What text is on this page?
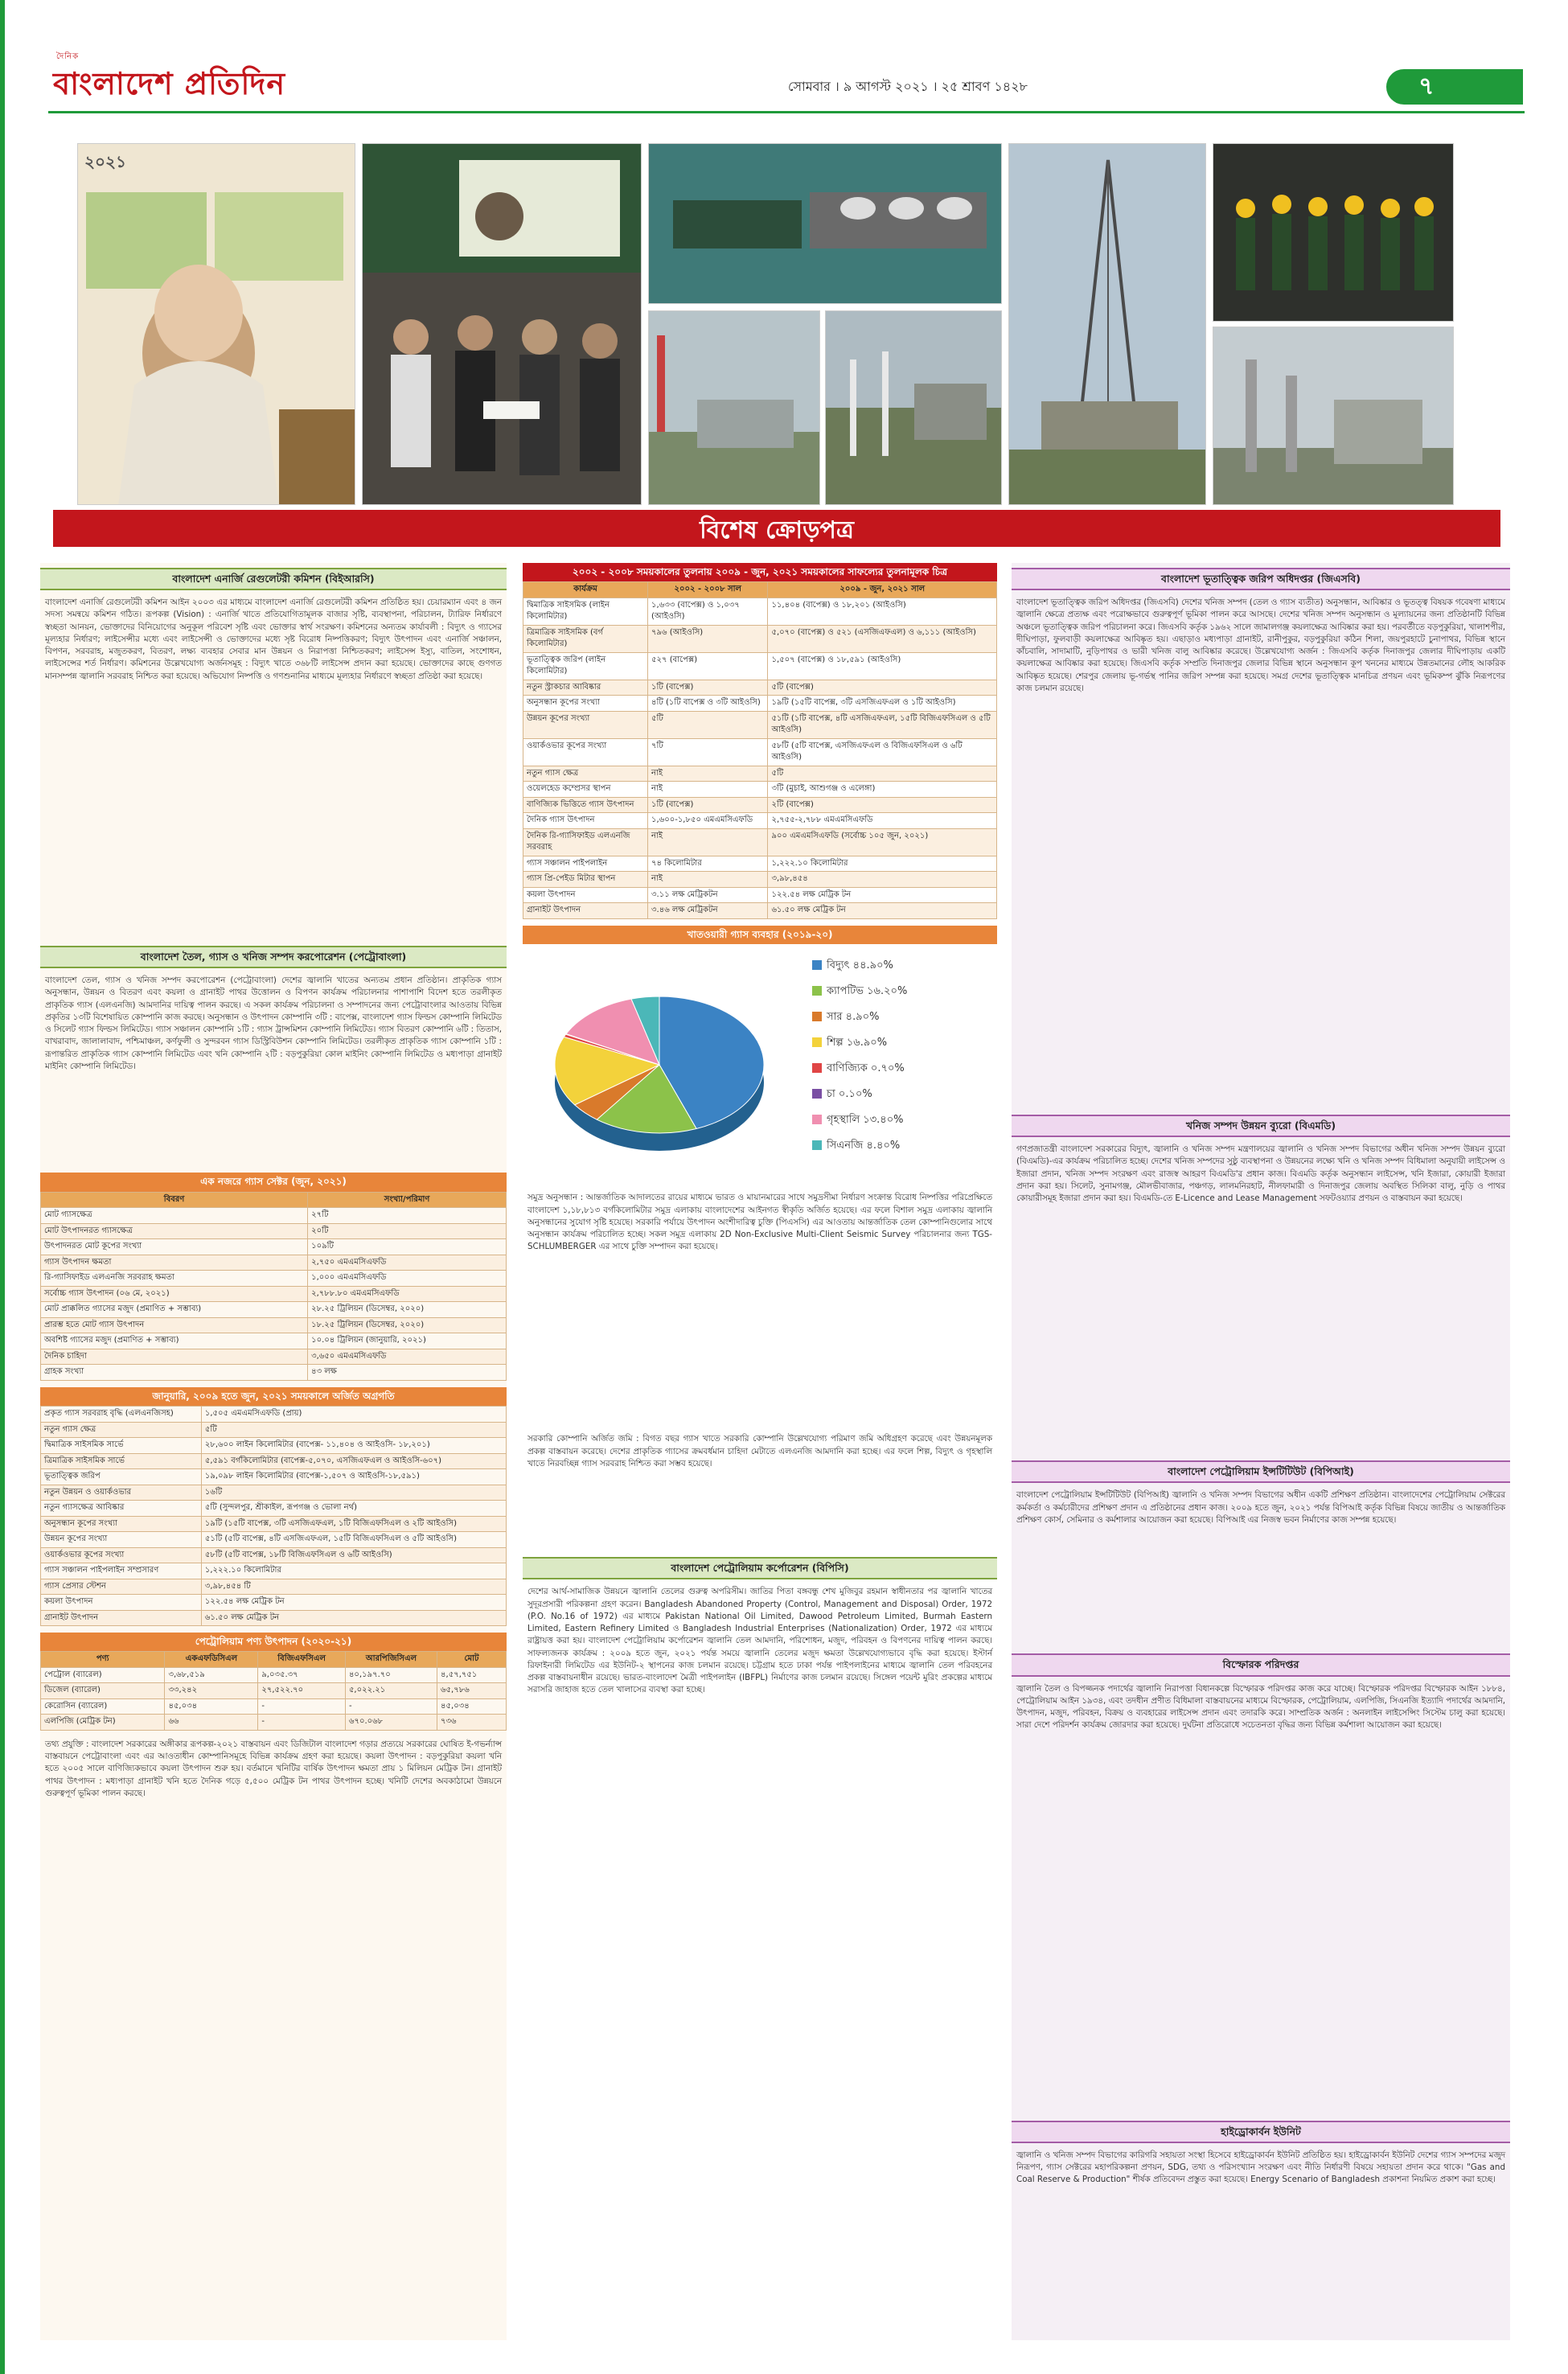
দৈনিক
বাংলাদেশ প্রতিদিন	সোমবার । ৯ আগস্ট ২০২১ । ২৫ শ্রাবণ ১৪২৮	৭
২০২১
বিশেষ ক্রোড়পত্র
বাংলাদেশ এনার্জি রেগুলেটরী কমিশন (বিইআরসি)
বাংলাদেশ এনার্জি রেগুলেটরী কমিশন আইন ২০০৩ এর মাধ্যমে বাংলাদেশ এনার্জি রেগুলেটরী কমিশন প্রতিষ্ঠিত হয়। চেয়ারম্যান এবং ৪ জন সদস্য সমন্বয়ে কমিশন গঠিত। রূপকল্প (Vision) : এনার্জি খাতে প্রতিযোগিতামূলক বাজার সৃষ্টি, ব্যবস্থাপনা, পরিচালন, ট্যারিফ নির্ধারণে স্বচ্ছতা আনয়ন, ভোক্তাদের বিনিয়োগের অনুকূল পরিবেশ সৃষ্টি এবং ভোক্তার স্বার্থ সংরক্ষণ। কমিশনের অন্যতম কার্যাবলী : বিদ্যুৎ ও গ্যাসের মূল্যহার নির্ধারণ; লাইসেন্সীর মধ্যে এবং লাইসেন্সী ও ভোক্তাদের মধ্যে সৃষ্ট বিরোধ নিষ্পত্তিকরণ; বিদ্যুৎ উৎপাদন এবং এনার্জি সঞ্চালন, বিপণন, সরবরাহ, মজুতকরণ, বিতরণ, লক্ষ্য ব্যবহার সেবার মান উন্নয়ন ও নিরাপত্তা নিশ্চিতকরণ; লাইসেন্স ইস্যু, বাতিল, সংশোধন, লাইসেন্সের শর্ত নির্ধারণ। কমিশনের উল্লেখযোগ্য অর্জনসমূহ : বিদ্যুৎ খাতে ৩৬৮টি লাইসেন্স প্রদান করা হয়েছে। ভোক্তাদের কাছে গুণগত মানসম্পন্ন জ্বালানি সরবরাহ নিশ্চিত করা হয়েছে। অভিযোগ নিষ্পত্তি ও গণশুনানির মাধ্যমে মূল্যহার নির্ধারণে স্বচ্ছতা প্রতিষ্ঠা করা হয়েছে।
বাংলাদেশ তৈল, গ্যাস ও খনিজ সম্পদ করপোরেশন (পেট্রোবাংলা)
বাংলাদেশ তেল, গ্যাস ও খনিজ সম্পদ করপোরেশন (পেট্রোবাংলা) দেশের জ্বালানি খাতের অন্যতম প্রধান প্রতিষ্ঠান। প্রাকৃতিক গ্যাস অনুসন্ধান, উন্নয়ন ও বিতরণ এবং কয়লা ও গ্রানাইট পাথর উত্তোলন ও বিপণন কার্যক্রম পরিচালনার পাশাপাশি বিদেশ হতে তরলীকৃত প্রাকৃতিক গ্যাস (এলএনজি) আমদানির দায়িত্ব পালন করছে। এ সকল কার্যক্রম পরিচালনা ও সম্পাদনের জন্য পেট্রোবাংলার আওতায় বিভিন্ন প্রকৃতির ১৩টি বিশেষায়িত কোম্পানি কাজ করছে। অনুসন্ধান ও উৎপাদন কোম্পানি ৩টি : বাপেক্স, বাংলাদেশ গ্যাস ফিল্ডস কোম্পানি লিমিটেড ও সিলেট গ্যাস ফিল্ডস লিমিটেড। গ্যাস সঞ্চালন কোম্পানি ১টি : গ্যাস ট্রান্সমিশন কোম্পানি লিমিটেড। গ্যাস বিতরণ কোম্পানি ৬টি : তিতাস, বাখরাবাদ, জালালাবাদ, পশ্চিমাঞ্চল, কর্ণফুলী ও সুন্দরবন গ্যাস ডিস্ট্রিবিউশন কোম্পানি লিমিটেড। তরলীকৃত প্রাকৃতিক গ্যাস কোম্পানি ১টি : রূপান্তরিত প্রাকৃতিক গ্যাস কোম্পানি লিমিটেড এবং খনি কোম্পানি ২টি : বড়পুকুরিয়া কোল মাইনিং কোম্পানি লিমিটেড ও মধ্যপাড়া গ্রানাইট মাইনিং কোম্পানি লিমিটেড।
এক নজরে গ্যাস সেক্টর (জুন, ২০২১)
বিবরণ	সংখ্যা/পরিমাণ
মোট গ্যাসক্ষেত্র	২৭টি
মোট উৎপাদনরত গ্যাসক্ষেত্র	২০টি
উৎপাদনরত মোট কূপের সংখ্যা	১০৯টি
গ্যাস উৎপাদন ক্ষমতা	২,৭৫০ এমএমসিএফডি
রি-গ্যাসিফাইড এলএনজি সরবরাহ ক্ষমতা	১,০০০ এমএমসিএফডি
সর্বোচ্চ গ্যাস উৎপাদন (০৬ মে, ২০২১)	২,৭৮৮.৮০ এমএমসিএফডি
মোট প্রাক্কলিত গ্যাসের মজুদ (প্রমাণিত + সম্ভাব্য)	২৮.২৫ ট্রিলিয়ন (ডিসেম্বর, ২০২০)
প্রারম্ভ হতে মোট গ্যাস উৎপাদন	১৮.২৫ ট্রিলিয়ন (ডিসেম্বর, ২০২০)
অবশিষ্ট গ্যাসের মজুদ (প্রমাণিত + সম্ভাব্য)	১০.০৪ ট্রিলিয়ন (জানুয়ারি, ২০২১)
দৈনিক চাহিদা	৩,৬৫০ এমএমসিএফডি
গ্রাহক সংখ্যা	৪৩ লক্ষ
জানুয়ারি, ২০০৯ হতে জুন, ২০২১ সময়কালে অর্জিত অগ্রগতি
প্রকৃত গ্যাস সরবরাহ বৃদ্ধি (এলএনজিসহ)	১,৫০৫ এমএমসিএফডি (প্রায়)
নতুন গ্যাস ক্ষেত্র	৫টি
দ্বিমাত্রিক সাইসমিক সার্ভে	২৮,৬০০ লাইন কিলোমিটার (বাপেক্স- ১১,৪০৪ ও আইওসি- ১৮,২০১)
ত্রিমাত্রিক সাইসমিক সার্ভে	৫,৫৯১ বর্গকিলোমিটার (বাপেক্স-৫,০৭০, এসজিএফএল ও আইওসি-৬০৭)
ভূতাত্ত্বিক জরিপ	১৯,০৯৮ লাইন কিলোমিটার (বাপেক্স-১,৫০৭ ও আইওসি-১৮,৫৯১)
নতুন উন্নয়ন ও ওয়ার্কওভার	১৬টি
নতুন গ্যাসক্ষেত্র আবিষ্কার	৫টি (সুন্দলপুর, শ্রীকাইল, রূপগঞ্জ ও ভোলা নর্থ)
অনুসন্ধান কূপের সংখ্যা	১৯টি (১৫টি বাপেক্স, ৩টি এসজিএফএল, ১টি বিজিএফসিএল ও ২টি আইওসি)
উন্নয়ন কূপের সংখ্যা	৫১টি (৫টি বাপেক্স, ৪টি এসজিএফএল, ১৫টি বিজিএফসিএল ও ৫টি আইওসি)
ওয়ার্কওভার কূপের সংখ্যা	৫৮টি (৫টি বাপেক্স, ১৮টি বিজিএফসিএল ও ৬টি আইওসি)
গ্যাস সঞ্চালন পাইপলাইন সম্প্রসারণ	১,২২২.১০ কিলোমিটার
গ্যাস প্রেসার স্টেশন	৩,৯৮,৪৫৪ টি
কয়লা উৎপাদন	১২২.৫৪ লক্ষ মেট্রিক টন
গ্রানাইট উৎপাদন	৬১.৫০ লক্ষ মেট্রিক টন
পেট্রোলিয়াম পণ্য উৎপাদন (২০২০-২১)
পণ্য	একএফডিসিএল	বিজিএফসিএল	আরপিজিসিএল	মোট
পেট্রোল (ব্যারেল)	৩,৬৮,৫১৯	৯,০৩৫.৩৭	৪০,১৯৭.৭০	৪,৫৭,৭৫১
ডিজেল (ব্যারেল)	৩৩,২৪২	২৭,৫২২.৭০	৫,০২২.২১	৬৫,৭৮৬
কেরোসিন (ব্যারেল)	৪৫,০৩৪	-	-	৪৫,০৩৪
এলপিজি (মেট্রিক টন)	৬৬	-	৬৭০.০৬৮	৭৩৬
তথ্য প্রযুক্তি : বাংলাদেশ সরকারের অঙ্গীকার রূপকল্প-২০২১ বাস্তবায়ন এবং ডিজিটাল বাংলাদেশ গড়ার প্রত্যয়ে সরকারের ঘোষিত ই-গভর্ন্যান্স বাস্তবায়নে পেট্রোবাংলা এবং এর আওতাধীন কোম্পানিসমূহে বিভিন্ন কার্যক্রম গ্রহণ করা হয়েছে। কয়লা উৎপাদন : বড়পুকুরিয়া কয়লা খনি হতে ২০০৫ সালে বাণিজ্যিকভাবে কয়লা উৎপাদন শুরু হয়। বর্তমানে খনিটির বার্ষিক উৎপাদন ক্ষমতা প্রায় ১ মিলিয়ন মেট্রিক টন। গ্রানাইট পাথর উৎপাদন : মধ্যপাড়া গ্রানাইট খনি হতে দৈনিক গড়ে ৫,৫০০ মেট্রিক টন পাথর উৎপাদন হচ্ছে। খনিটি দেশের অবকাঠামো উন্নয়নে গুরুত্বপূর্ণ ভূমিকা পালন করছে।
২০০২ - ২০০৮ সময়কালের তুলনায় ২০০৯ - জুন, ২০২১ সময়কালের সাফল্যের তুলনামূলক চিত্র
কার্যক্রম	২০০২ - ২০০৮ সাল	২০০৯ - জুন, ২০২১ সাল
দ্বিমাত্রিক সাইসমিক (লাইন কিলোমিটার)	১,৬৩৩ (বাপেক্স) ও ১,০৩৭ (আইওসি)	১১,৪০৪ (বাপেক্স) ও ১৮,২০১ (আইওসি)
ত্রিমাত্রিক সাইসমিক (বর্গ কিলোমিটার)	৭৯৬ (আইওসি)	৫,০৭০ (বাপেক্স) ও ৫২১ (এসজিএফএল) ও ৬,১১১ (আইওসি)
ভূতাত্ত্বিক জরিপ (লাইন কিলোমিটার)	৫২৭ (বাপেক্স)	১,৫০৭ (বাপেক্স) ও ১৮,৫৯১ (আইওসি)
নতুন স্ট্রাকচার আবিষ্কার	১টি (বাপেক্স)	৫টি (বাপেক্স)
অনুসন্ধান কূপের সংখ্যা	৪টি (১টি বাপেক্স ও ৩টি আইওসি)	১৯টি (১৫টি বাপেক্স, ৩টি এসজিএফএল ও ১টি আইওসি)
উন্নয়ন কূপের সংখ্যা	৫টি	৫১টি (১টি বাপেক্স, ৪টি এসজিএফএল, ১৫টি বিজিএফসিএল ও ৫টি আইওসি)
ওয়ার্কওভার কূপের সংখ্যা	৭টি	৫৮টি (৫টি বাপেক্স, এসজিএফএল ও বিজিএফসিএল ও ৬টি আইওসি)
নতুন গ্যাস ক্ষেত্র	নাই	৫টি
ওয়েলহেড কম্প্রেসর স্থাপন	নাই	৩টি (মুচাই, আশুগঞ্জ ও এলেঙ্গা)
বাণিজ্যিক ভিত্তিতে গ্যাস উৎপাদন	১টি (বাপেক্স)	২টি (বাপেক্স)
দৈনিক গ্যাস উৎপাদন	১,৬০০-১,৮৫০ এমএমসিএফডি	২,৭৫৫-২,৭৮৮ এমএমসিএফডি
দৈনিক রি-গ্যাসিফাইড এলএনজি সরবরাহ	নাই	৯০০ এমএমসিএফডি (সর্বোচ্চ ১০৫ জুন, ২০২১)
গ্যাস সঞ্চালন পাইপলাইন	৭৪ কিলোমিটার	১,২২২.১০ কিলোমিটার
গ্যাস প্রি-পেইড মিটার স্থাপন	নাই	৩,৯৮,৪৫৪
কয়লা উৎপাদন	৩.১১ লক্ষ মেট্রিকটন	১২২.৫৪ লক্ষ মেট্রিক টন
গ্রানাইট উৎপাদন	৩.৪৬ লক্ষ মেট্রিকটন	৬১.৫০ লক্ষ মেট্রিক টন
খাতওয়ারী গ্যাস ব্যবহার (২০১৯-২০)
বিদ্যুৎ ৪৪.৯০%
ক্যাপটিভ ১৬.২০%
সার ৪.৯০%
শিল্প ১৬.৯০%
বাণিজ্যিক ০.৭০%
চা ০.১০%
গৃহস্থালি ১৩.৪০%
সিএনজি ৪.৪০%
সমুদ্র অনুসন্ধান : আন্তর্জাতিক আদালতের রায়ের মাধ্যমে ভারত ও মায়ানমারের সাথে সমুদ্রসীমা নির্ধারণ সংক্রান্ত বিরোধ নিষ্পত্তির পরিপ্রেক্ষিতে বাংলাদেশ ১,১৮,৮১৩ বর্গকিলোমিটার সমুদ্র এলাকায় বাংলাদেশের আইনগত স্বীকৃতি অর্জিত হয়েছে। এর ফলে বিশাল সমুদ্র এলাকায় জ্বালানি অনুসন্ধানের সুযোগ সৃষ্টি হয়েছে। সরকারি পর্যায়ে উৎপাদন অংশীদারিত্ব চুক্তি (পিএসসি) এর আওতায় আন্তর্জাতিক তেল কোম্পানিগুলোর সাথে অনুসন্ধান কার্যক্রম পরিচালিত হচ্ছে। সকল সমুদ্র এলাকায় 2D Non-Exclusive Multi-Client Seismic Survey পরিচালনার জন্য TGS-SCHLUMBERGER এর সাথে চুক্তি সম্পাদন করা হয়েছে।
সরকারি কোম্পানি অর্জিত জমি : বিগত বছর গ্যাস খাতে সরকারি কোম্পানি উল্লেখযোগ্য পরিমাণ জমি অধিগ্রহণ করেছে এবং উন্নয়নমূলক প্রকল্প বাস্তবায়ন করেছে। দেশের প্রাকৃতিক গ্যাসের ক্রমবর্ধমান চাহিদা মেটাতে এলএনজি আমদানি করা হচ্ছে। এর ফলে শিল্প, বিদ্যুৎ ও গৃহস্থালি খাতে নিরবচ্ছিন্ন গ্যাস সরবরাহ নিশ্চিত করা সম্ভব হয়েছে।
বাংলাদেশ পেট্রোলিয়াম কর্পোরেশন (বিপিসি)
দেশের আর্থ-সামাজিক উন্নয়নে জ্বালানি তেলের গুরুত্ব অপরিসীম। জাতির পিতা বঙ্গবন্ধু শেখ মুজিবুর রহমান স্বাধীনতার পর জ্বালানি খাতের সুদূরপ্রসারী পরিকল্পনা গ্রহণ করেন। Bangladesh Abandoned Property (Control, Management and Disposal) Order, 1972 (P.O. No.16 of 1972) এর মাধ্যমে Pakistan National Oil Limited, Dawood Petroleum Limited, Burmah Eastern Limited, Eastern Refinery Limited ও Bangladesh Industrial Enterprises (Nationalization) Order, 1972 এর মাধ্যমে রাষ্ট্রায়ত্ত করা হয়। বাংলাদেশ পেট্রোলিয়াম কর্পোরেশন জ্বালানি তেল আমদানি, পরিশোধন, মজুদ, পরিবহন ও বিপণনের দায়িত্ব পালন করছে। সাফল্যজনক কার্যক্রম : ২০০৯ হতে জুন, ২০২১ পর্যন্ত সময়ে জ্বালানি তেলের মজুদ ক্ষমতা উল্লেখযোগ্যভাবে বৃদ্ধি করা হয়েছে। ইস্টার্ন রিফাইনারী লিমিটেড এর ইউনিট-২ স্থাপনের কাজ চলমান রয়েছে। চট্টগ্রাম হতে ঢাকা পর্যন্ত পাইপলাইনের মাধ্যমে জ্বালানি তেল পরিবহনের প্রকল্প বাস্তবায়নাধীন রয়েছে। ভারত-বাংলাদেশ মৈত্রী পাইপলাইন (IBFPL) নির্মাণের কাজ চলমান রয়েছে। সিঙ্গেল পয়েন্ট মুরিং প্রকল্পের মাধ্যমে সরাসরি জাহাজ হতে তেল খালাসের ব্যবস্থা করা হচ্ছে।
বাংলাদেশ ভূতাত্ত্বিক জরিপ অধিদপ্তর (জিএসবি)
বাংলাদেশ ভূতাত্ত্বিক জরিপ অধিদপ্তর (জিএসবি) দেশের খনিজ সম্পদ (তেল ও গ্যাস ব্যতীত) অনুসন্ধান, আবিষ্কার ও ভূতত্ত্ব বিষয়ক গবেষণা মাধ্যমে জ্বালানি ক্ষেত্রে প্রত্যক্ষ এবং পরোক্ষভাবে গুরুত্বপূর্ণ ভূমিকা পালন করে আসছে। দেশের খনিজ সম্পদ অনুসন্ধান ও মূল্যায়নের জন্য প্রতিষ্ঠানটি বিভিন্ন অঞ্চলে ভূতাত্ত্বিক জরিপ পরিচালনা করে। জিএসবি কর্তৃক ১৯৬২ সালে জামালগঞ্জ কয়লাক্ষেত্র আবিষ্কার করা হয়। পরবর্তীতে বড়পুকুরিয়া, খালাশপীর, দীঘিপাড়া, ফুলবাড়ী কয়লাক্ষেত্র আবিষ্কৃত হয়। এছাড়াও মধ্যপাড়া গ্রানাইট, রানীপুকুর, বড়পুকুরিয়া কঠিন শিলা, জয়পুরহাটে চুনাপাথর, বিভিন্ন স্থানে কাঁচবালি, সাদামাটি, নুড়িপাথর ও ভারী খনিজ বালু আবিষ্কার করেছে। উল্লেখযোগ্য অর্জন : জিএসবি কর্তৃক দিনাজপুর জেলার দীঘিপাড়ায় একটি কয়লাক্ষেত্র আবিষ্কার করা হয়েছে। জিএসবি কর্তৃক সম্প্রতি দিনাজপুর জেলার বিভিন্ন স্থানে অনুসন্ধান কূপ খননের মাধ্যমে উন্নতমানের লৌহ আকরিক আবিষ্কৃত হয়েছে। শেরপুর জেলায় ভূ-গর্ভস্থ পানির জরিপ সম্পন্ন করা হয়েছে। সমগ্র দেশের ভূতাত্ত্বিক মানচিত্র প্রণয়ন এবং ভূমিকম্প ঝুঁকি নিরূপণের কাজ চলমান রয়েছে।
খনিজ সম্পদ উন্নয়ন ব্যুরো (বিএমডি)
গণপ্রজাতন্ত্রী বাংলাদেশ সরকারের বিদ্যুৎ, জ্বালানি ও খনিজ সম্পদ মন্ত্রণালয়ের জ্বালানি ও খনিজ সম্পদ বিভাগের অধীন খনিজ সম্পদ উন্নয়ন ব্যুরো (বিএমডি)-এর কার্যক্রম পরিচালিত হচ্ছে। দেশের খনিজ সম্পদের সুষ্ঠু ব্যবস্থাপনা ও উন্নয়নের লক্ষ্যে খনি ও খনিজ সম্পদ বিধিমালা অনুযায়ী লাইসেন্স ও ইজারা প্রদান, খনিজ সম্পদ সংরক্ষণ এবং রাজস্ব আহরণ বিএমডি'র প্রধান কাজ। বিএমডি কর্তৃক অনুসন্ধান লাইসেন্স, খনি ইজারা, কোয়ারী ইজারা প্রদান করা হয়। সিলেট, সুনামগঞ্জ, মৌলভীবাজার, পঞ্চগড়, লালমনিরহাট, নীলফামারী ও দিনাজপুর জেলায় অবস্থিত সিলিকা বালু, নুড়ি ও পাথর কোয়ারীসমূহ ইজারা প্রদান করা হয়। বিএমডি-তে E-Licence and Lease Management সফটওয়্যার প্রণয়ন ও বাস্তবায়ন করা হয়েছে।
বাংলাদেশ পেট্রোলিয়াম ইন্সটিটিউট (বিপিআই)
বাংলাদেশ পেট্রোলিয়াম ইন্সটিটিউট (বিপিআই) জ্বালানি ও খনিজ সম্পদ বিভাগের অধীন একটি প্রশিক্ষণ প্রতিষ্ঠান। বাংলাদেশের পেট্রোলিয়াম সেক্টরের কর্মকর্তা ও কর্মচারীদের প্রশিক্ষণ প্রদান এ প্রতিষ্ঠানের প্রধান কাজ। ২০০৯ হতে জুন, ২০২১ পর্যন্ত বিপিআই কর্তৃক বিভিন্ন বিষয়ে জাতীয় ও আন্তর্জাতিক প্রশিক্ষণ কোর্স, সেমিনার ও কর্মশালার আয়োজন করা হয়েছে। বিপিআই এর নিজস্ব ভবন নির্মাণের কাজ সম্পন্ন হয়েছে।
বিস্ফোরক পরিদপ্তর
জ্বালানি তৈল ও বিপজ্জনক পদার্থের জ্বালানি নিরাপত্তা বিধানকল্পে বিস্ফোরক পরিদপ্তর কাজ করে যাচ্ছে। বিস্ফোরক পরিদপ্তর বিস্ফোরক আইন ১৮৮৪, পেট্রোলিয়াম আইন ১৯৩৪, এবং তদধীন প্রণীত বিধিমালা বাস্তবায়নের মাধ্যমে বিস্ফোরক, পেট্রোলিয়াম, এলপিজি, সিএনজি ইত্যাদি পদার্থের আমদানি, উৎপাদন, মজুদ, পরিবহন, বিক্রয় ও ব্যবহারের লাইসেন্স প্রদান এবং তদারকি করে। সাম্প্রতিক অর্জন : অনলাইন লাইসেন্সিং সিস্টেম চালু করা হয়েছে। সারা দেশে পরিদর্শন কার্যক্রম জোরদার করা হয়েছে। দুর্ঘটনা প্রতিরোধে সচেতনতা বৃদ্ধির জন্য বিভিন্ন কর্মশালা আয়োজন করা হয়েছে।
হাইড্রোকার্বন ইউনিট
জ্বালানি ও খনিজ সম্পদ বিভাগের কারিগরি সহায়তা সংস্থা হিসেবে হাইড্রোকার্বন ইউনিট প্রতিষ্ঠিত হয়। হাইড্রোকার্বন ইউনিট দেশের গ্যাস সম্পদের মজুদ নিরূপণ, গ্যাস সেক্টরের মহাপরিকল্পনা প্রণয়ন, SDG, তথ্য ও পরিসংখ্যান সংরক্ষণ এবং নীতি নির্ধারণী বিষয়ে সহায়তা প্রদান করে থাকে। "Gas and Coal Reserve & Production" শীর্ষক প্রতিবেদন প্রস্তুত করা হয়েছে। Energy Scenario of Bangladesh প্রকাশনা নিয়মিত প্রকাশ করা হচ্ছে।
